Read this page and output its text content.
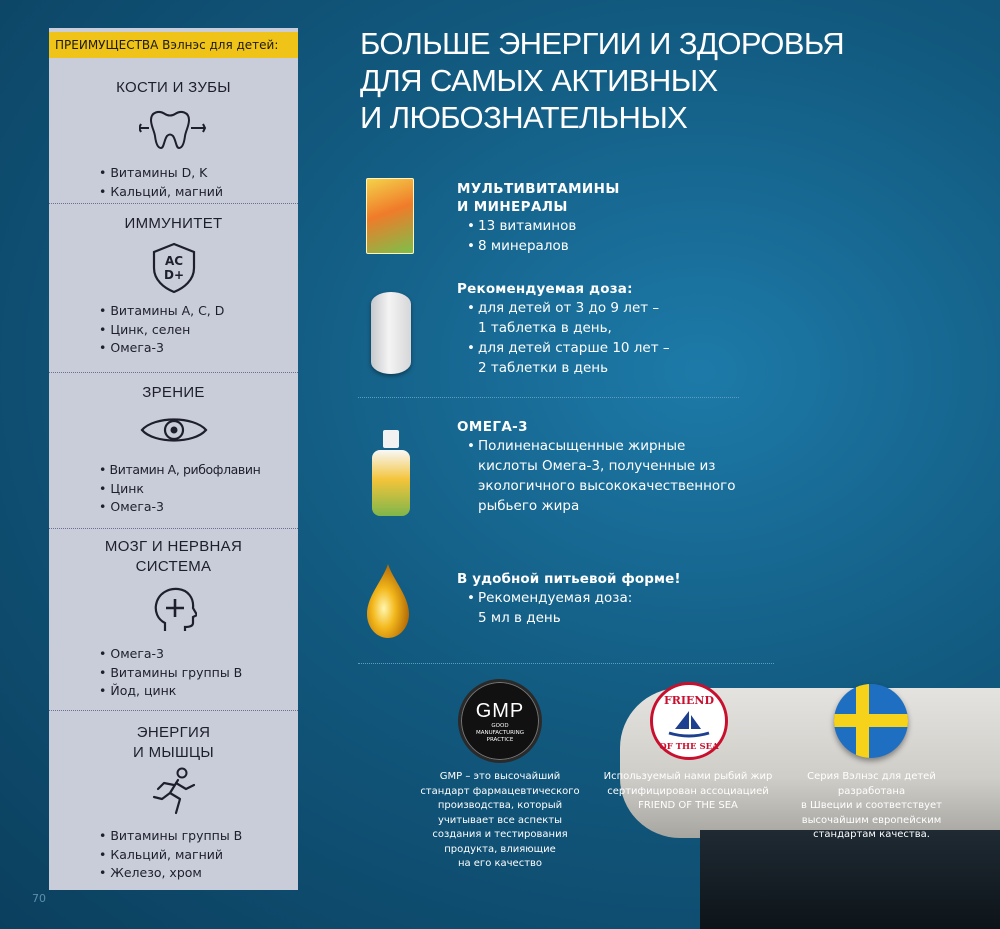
ПРЕИМУЩЕСТВА Вэлнэс для детей:
КОСТИ И ЗУБЫ
• Витамины D, K
• Кальций, магний
ИММУНИТЕТ
AC
D+
• Витамины А, С, D
• Цинк, селен
• Омега-3
ЗРЕНИЕ
• Витамин А, рибофлавин
• Цинк
• Омега-3
МОЗГ И НЕРВНАЯ
СИСТЕМА
• Омега-3
• Витамины группы В
• Йод, цинк
ЭНЕРГИЯ
И МЫШЦЫ
• Витамины группы В
• Кальций, магний
• Железо, хром
70
БОЛЬШЕ ЭНЕРГИИ И ЗДОРОВЬЯ
ДЛЯ САМЫХ АКТИВНЫХ
И ЛЮБОЗНАТЕЛЬНЫХ
МУЛЬТИВИТАМИНЫ
И МИНЕРАЛЫ
• 13 витаминов
• 8 минералов
Рекомендуемая доза:
• для детей от 3 до 9 лет –
1 таблетка в день,
• для детей старше 10 лет –
2 таблетки в день
ОМЕГА-3
• Полиненасыщенные жирные
кислоты Омега-3, полученные из
экологичного высококачественного
рыбьего жира
В удобной питьевой форме!
• Рекомендуемая доза:
5 мл в день
GMP
GOOD
MANUFACTURING
PRACTICE
GMP – это высочайший
стандарт фармацевтического
производства, который
учитывает все аспекты
создания и тестирования
продукта, влияющие
на его качество
FRIEND
OF THE SEA
Используемый нами рыбий жир
сертифицирован ассоциацией
FRIEND OF THE SEA
Серия Вэлнэс для детей
разработана
в Швеции и соответствует
высочайшим европейским
стандартам качества.
